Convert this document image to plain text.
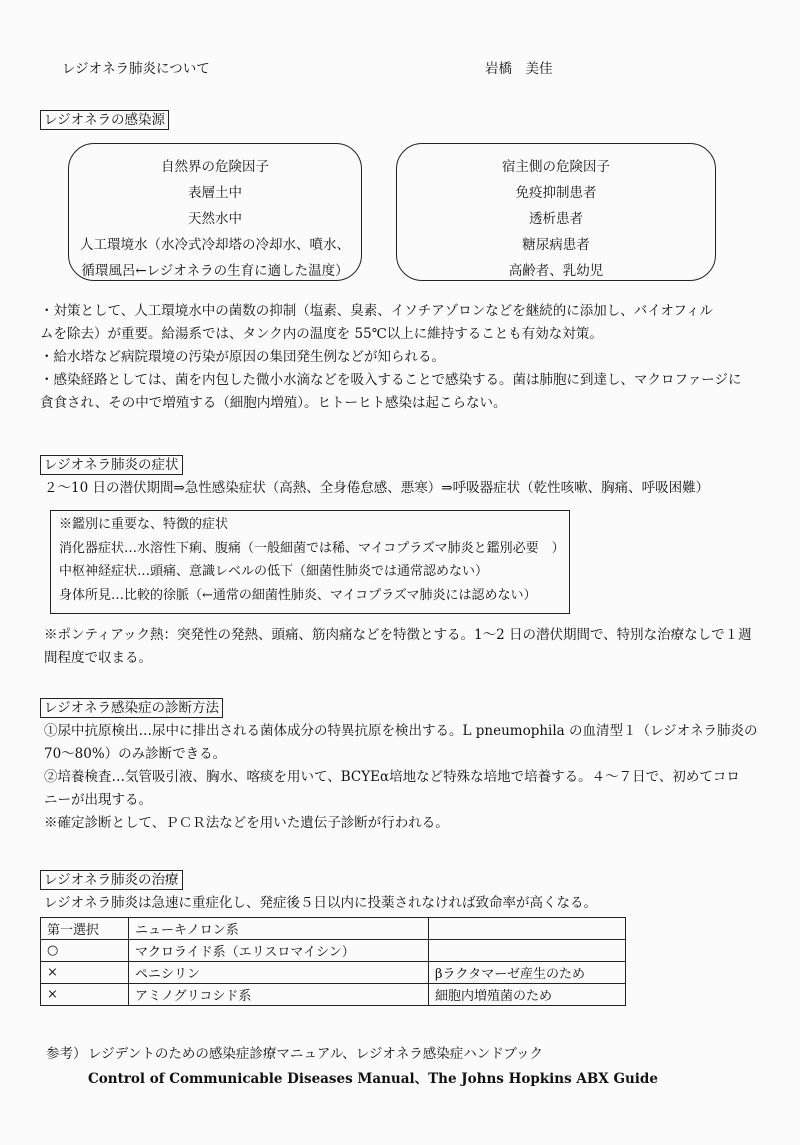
レジオネラ肺炎について	岩橋　美佳
レジオネラの感染源
自然界の危険因子
表層土中
天然水中
人工環境水（水冷式冷却塔の冷却水、噴水、
循環風呂←レジオネラの生育に適した温度）
宿主側の危険因子
免疫抑制患者
透析患者
糖尿病患者
高齢者、乳幼児
・対策として、人工環境水中の菌数の抑制（塩素、臭素、イソチアゾロンなどを継続的に添加し、バイオフィル
ムを除去）が重要。給湯系では、タンク内の温度を 55℃以上に維持することも有効な対策。
・給水塔など病院環境の汚染が原因の集団発生例などが知られる。
・感染経路としては、菌を内包した微小水滴などを吸入することで感染する。菌は肺胞に到達し、マクロファージに
貪食され、その中で増殖する（細胞内増殖）。ヒトーヒト感染は起こらない。
レジオネラ肺炎の症状
２～10 日の潜伏期間⇒急性感染症状（高熱、全身倦怠感、悪寒）⇒呼吸器症状（乾性咳嗽、胸痛、呼吸困難）
※鑑別に重要な、特徴的症状
消化器症状…水溶性下痢、腹痛（一般細菌では稀、マイコプラズマ肺炎と鑑別必要　）
中枢神経症状…頭痛、意識レベルの低下（細菌性肺炎では通常認めない）
身体所見…比較的徐脈（←通常の細菌性肺炎、マイコプラズマ肺炎には認めない）
※ポンティアック熱：突発性の発熱、頭痛、筋肉痛などを特徴とする。1～2 日の潜伏期間で、特別な治療なしで１週
間程度で収まる。
レジオネラ感染症の診断方法
①尿中抗原検出…尿中に排出される菌体成分の特異抗原を検出する。L pneumophila の血清型１（レジオネラ肺炎の
70～80%）のみ診断できる。
②培養検査…気管吸引液、胸水、喀痰を用いて、BCYEα培地など特殊な培地で培養する。４～７日で、初めてコロ
ニーが出現する。
※確定診断として、ＰＣＲ法などを用いた遺伝子診断が行われる。
レジオネラ肺炎の治療
レジオネラ肺炎は急速に重症化し、発症後５日以内に投薬されなければ致命率が高くなる。
第一選択	ニューキノロン系	
○	マクロライド系（エリスロマイシン）	
×	ペニシリン	βラクタマーゼ産生のため
×	アミノグリコシド系	細胞内増殖菌のため
参考） レジデントのための感染症診療マニュアル、レジオネラ感染症ハンドブック
Control of Communicable Diseases Manual、The Johns Hopkins ABX Guide
